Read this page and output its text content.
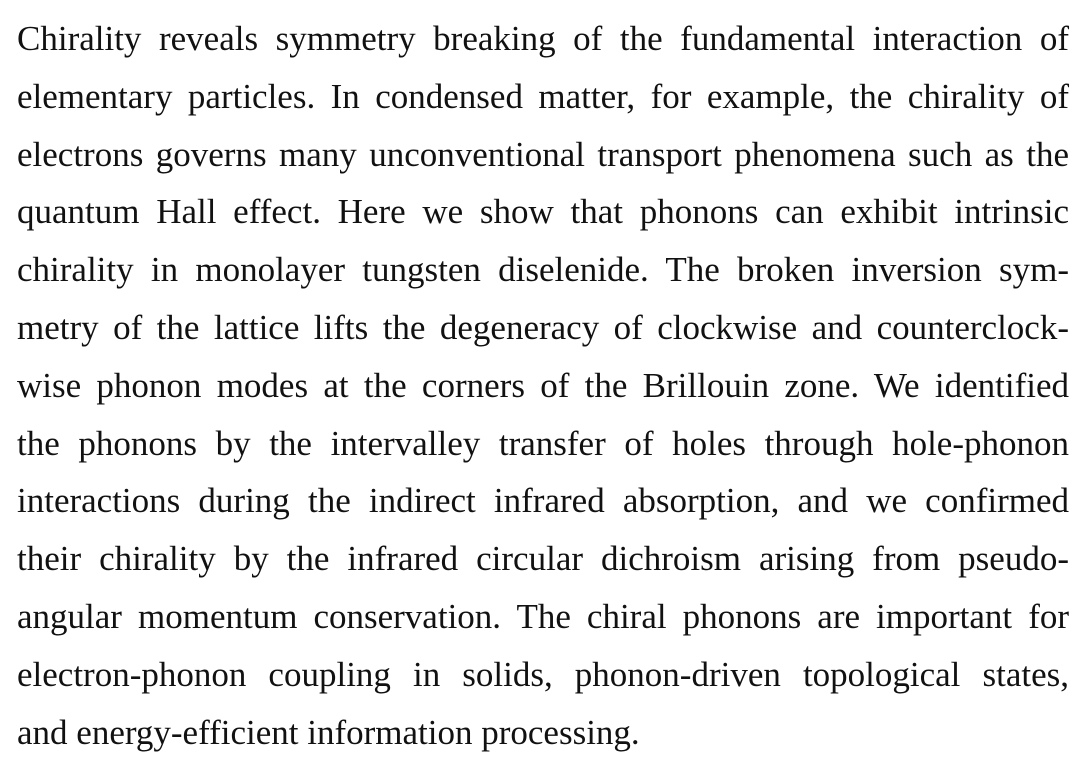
Chirality reveals symmetry breaking of the fundamental interaction of
elementary particles. In condensed matter, for example, the chirality of
electrons governs many unconventional transport phenomena such as the
quantum Hall effect. Here we show that phonons can exhibit intrinsic
chirality in monolayer tungsten diselenide. The broken inversion sym-
metry of the lattice lifts the degeneracy of clockwise and counterclock-
wise phonon modes at the corners of the Brillouin zone. We identified
the phonons by the intervalley transfer of holes through hole-phonon
interactions during the indirect infrared absorption, and we confirmed
their chirality by the infrared circular dichroism arising from pseudo-
angular momentum conservation. The chiral phonons are important for
electron-phonon coupling in solids, phonon-driven topological states,
and energy-efficient information processing.
